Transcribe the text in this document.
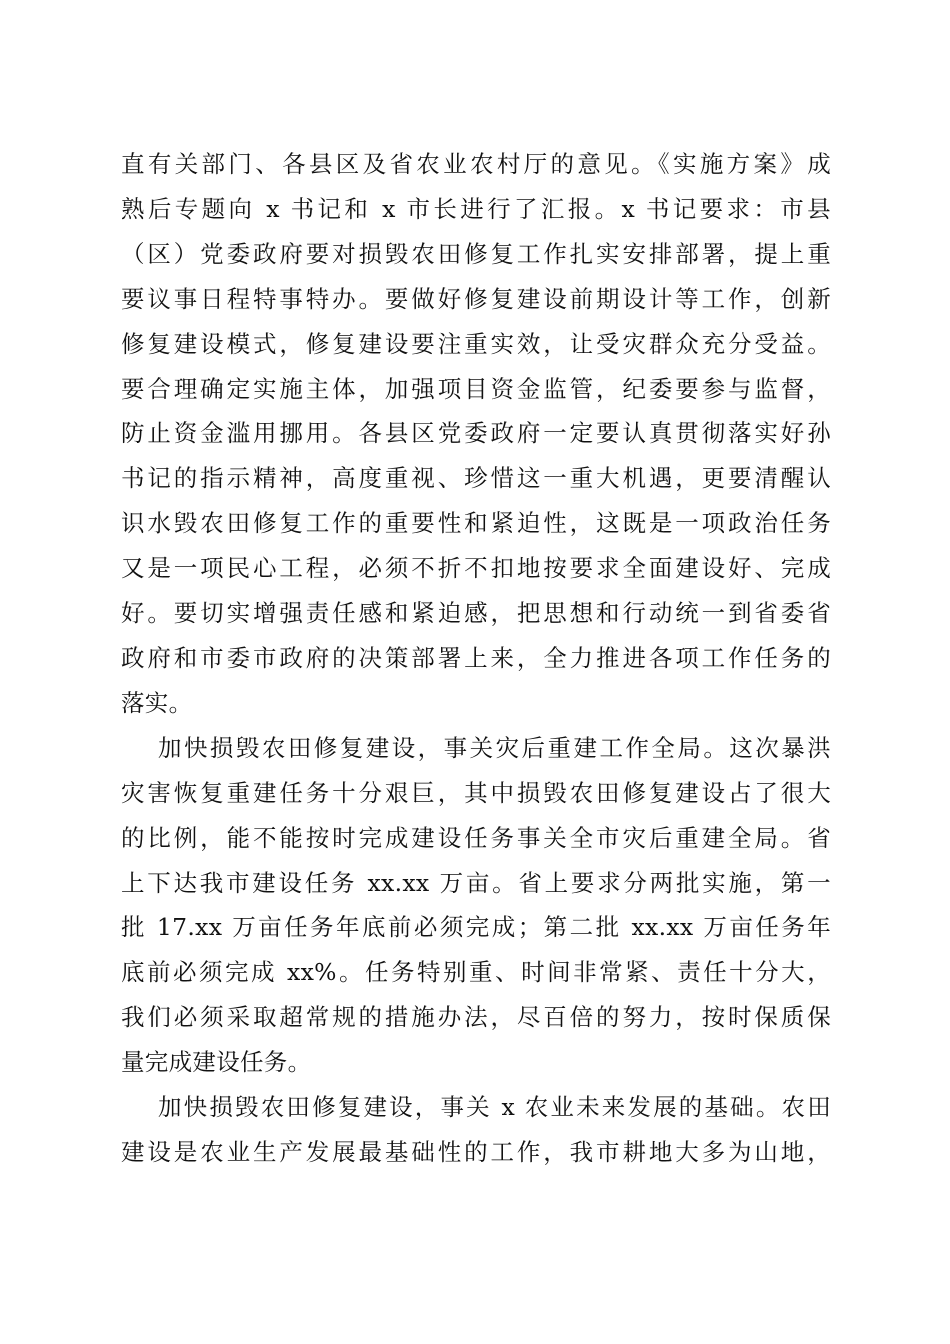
直有关部门、各县区及省农业农村厅的意见。《实施方案》成
熟后专题向 x 书记和 x 市长进行了汇报。x 书记要求：市县
（区）党委政府要对损毁农田修复工作扎实安排部署，提上重
要议事日程特事特办。要做好修复建设前期设计等工作，创新
修复建设模式，修复建设要注重实效，让受灾群众充分受益。
要合理确定实施主体，加强项目资金监管，纪委要参与监督，
防止资金滥用挪用。各县区党委政府一定要认真贯彻落实好孙
书记的指示精神，高度重视、珍惜这一重大机遇，更要清醒认
识水毁农田修复工作的重要性和紧迫性，这既是一项政治任务
又是一项民心工程，必须不折不扣地按要求全面建设好、完成
好。要切实增强责任感和紧迫感，把思想和行动统一到省委省
政府和市委市政府的决策部署上来，全力推进各项工作任务的
落实。

加快损毁农田修复建设，事关灾后重建工作全局。这次暴洪
灾害恢复重建任务十分艰巨，其中损毁农田修复建设占了很大
的比例，能不能按时完成建设任务事关全市灾后重建全局。省
上下达我市建设任务 xx.xx 万亩。省上要求分两批实施，第一
批 17.xx 万亩任务年底前必须完成；第二批 xx.xx 万亩任务年
底前必须完成 xx%。任务特别重、时间非常紧、责任十分大，
我们必须采取超常规的措施办法，尽百倍的努力，按时保质保
量完成建设任务。

加快损毁农田修复建设，事关 x 农业未来发展的基础。农田
建设是农业生产发展最基础性的工作，我市耕地大多为山地，
